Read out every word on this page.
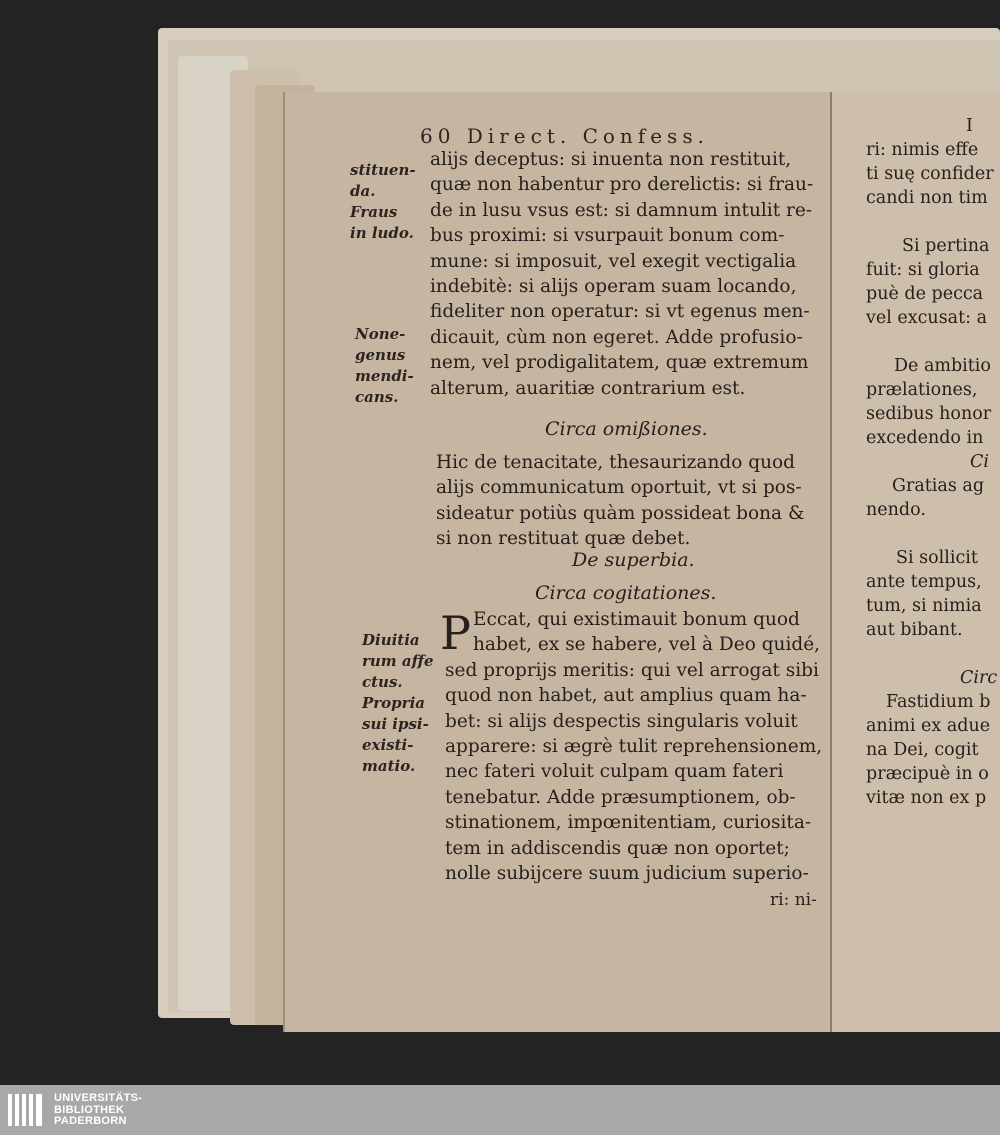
60 Direct. Confess.
stituen-
da.
Fraus
in ludo.
None-
genus
mendi-
cans.
Diuitia
rum affe
ctus.
Propria
sui ipsi-
existi-
matio.
alijs deceptus: si inuenta non restituit,
quæ non habentur pro derelictis: si frau-
de in lusu vsus est: si damnum intulit re-
bus proximi: si vsurpauit bonum com-
mune: si imposuit, vel exegit vectigalia
indebitè: si alijs operam suam locando,
fideliter non operatur: si vt egenus men-
dicauit, cùm non egeret. Adde profusio-
nem, vel prodigalitatem, quæ extremum
alterum, auaritiæ contrarium est.
Circa omißiones.
Hic de tenacitate, thesaurizando quod
alijs communicatum oportuit, vt si pos-
sideatur potiùs quàm possideat bona &
si non restituat quæ debet.
De superbia.
Circa cogitationes.
P Eccat, qui existimauit bonum quod
habet, ex se habere, vel à Deo quidé,
sed proprijs meritis: qui vel arrogat sibi
quod non habet, aut amplius quam ha-
bet: si alijs despectis singularis voluit
apparere: si ægrè tulit reprehensionem,
nec fateri voluit culpam quam fateri
tenebatur. Adde præsumptionem, ob-
stinationem, impœnitentiam, curiosita-
tem in addiscendis quæ non oportet;
nolle subijcere suum judicium superio-
ri: ni-
I
ri: nimis effe
ti suę confider
candi non tim

Si pertina
fuit: si gloria
puè de pecca
vel excusat: a

De ambitio
prælationes,
sedibus honor
excedendo in
Ci
Gratias ag
nendo.

Si sollicit
ante tempus,
tum, si nimia
aut bibant.

Circ
Fastidium b
animi ex adue
na Dei, cogit
præcipuè in o
vitæ non ex p
UNIVERSITÄTS-
BIBLIOTHEK
PADERBORN
